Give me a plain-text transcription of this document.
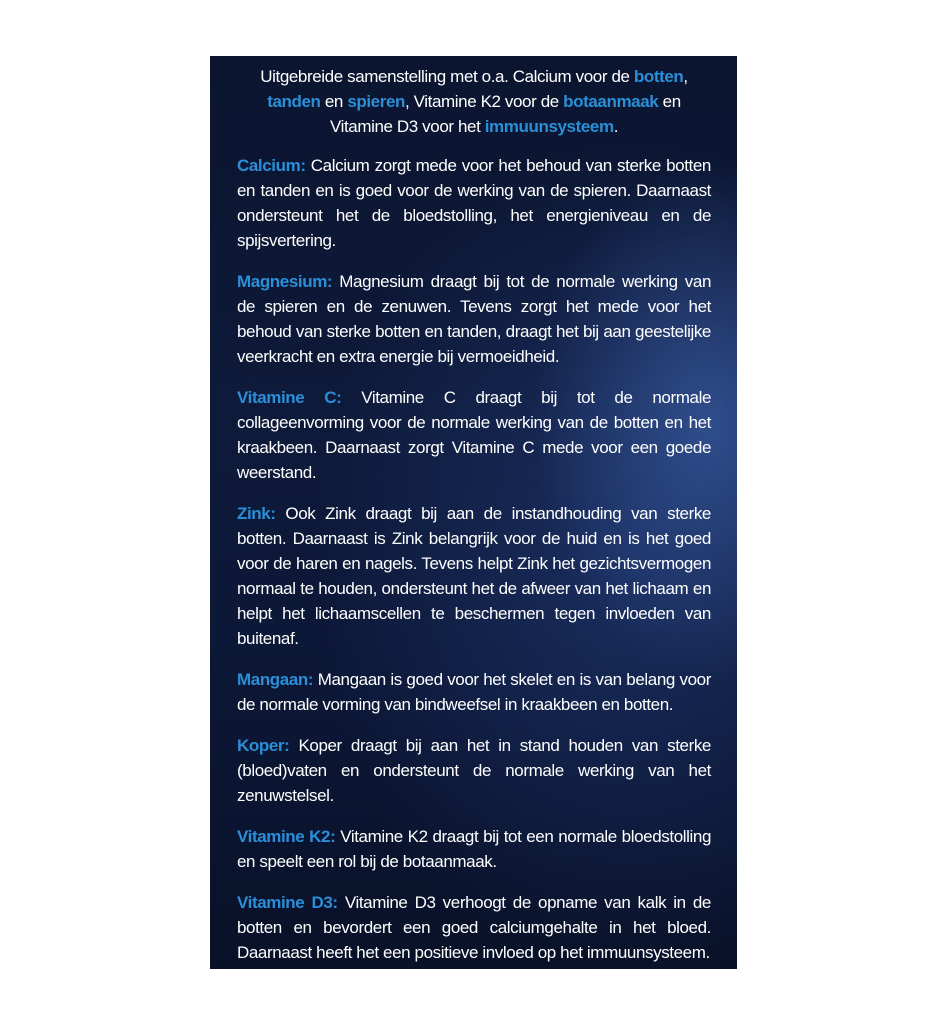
Uitgebreide samenstelling met o.a. Calcium voor de botten,
tanden en spieren, Vitamine K2 voor de botaanmaak en Vitamine D3 voor het immuunsysteem.

Calcium: Calcium zorgt mede voor het behoud van sterke botten en tanden en is goed voor de werking van de spieren. Daarnaast ondersteunt het de bloedstolling, het energieniveau en de spijsvertering.

Magnesium: Magnesium draagt bij tot de normale werking van de spieren en de zenuwen. Tevens zorgt het mede voor het behoud van sterke botten en tanden, draagt het bij aan geestelijke veerkracht en extra energie bij vermoeidheid.

Vitamine C: Vitamine C draagt bij tot de normale collageenvorming voor de normale werking van de botten en het kraakbeen. Daarnaast zorgt Vitamine C mede voor een goede weerstand.

Zink: Ook Zink draagt bij aan de instandhouding van sterke botten. Daarnaast is Zink belangrijk voor de huid en is het goed voor de haren en nagels. Tevens helpt Zink het gezichtsvermogen normaal te houden, ondersteunt het de afweer van het lichaam en helpt het lichaamscellen te beschermen tegen invloeden van buitenaf.

Mangaan: Mangaan is goed voor het skelet en is van belang voor de normale vorming van bindweefsel in kraakbeen en botten.

Koper: Koper draagt bij aan het in stand houden van sterke (bloed)vaten en ondersteunt de normale werking van het zenuwstelsel.

Vitamine K2: Vitamine K2 draagt bij tot een normale bloedstolling en speelt een rol bij de botaanmaak.

Vitamine D3: Vitamine D3 verhoogt de opname van kalk in de botten en bevordert een goed calciumgehalte in het bloed. Daarnaast heeft het een positieve invloed op het immuunsysteem.
